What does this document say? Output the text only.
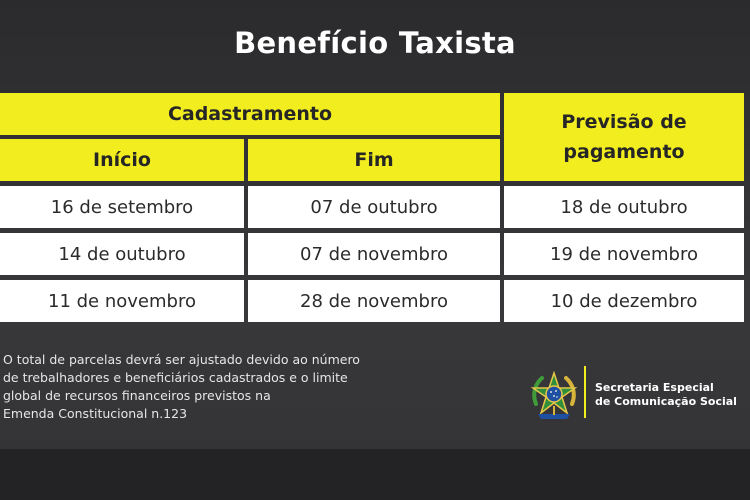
Benefício Taxista
Cadastramento
Início	Fim
Previsão de
pagamento
16 de setembro	07 de outubro	18 de outubro
14 de outubro	07 de novembro	19 de novembro
11 de novembro	28 de novembro	10 de dezembro
O total de parcelas devrá ser ajustado devido ao número
de trebalhadores e beneficiários cadastrados e o limite
global de recursos financeiros previstos na
Emenda Constitucional n.123
Secretaria Especial
de Comunicação Social
